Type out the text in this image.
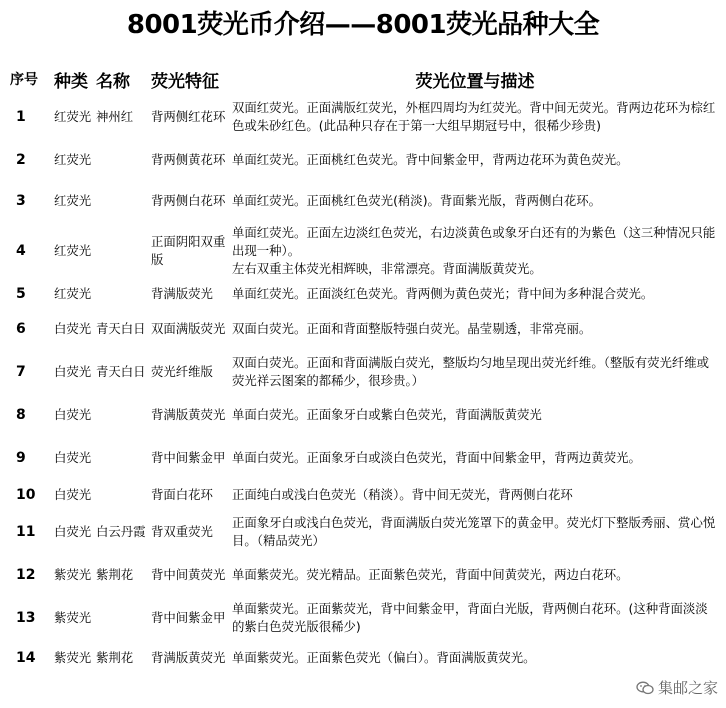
8001荧光币介绍——8001荧光品种大全
序号	种类	名称	荧光特征	荧光位置与描述
1	红荧光	神州红	背两侧红花环	双面红荧光。正面满版红荧光，外框四周均为红荧光。背中间无荧光。背两边花环为棕红色或朱砂红色。(此品种只存在于第一大组早期冠号中，很稀少珍贵)
2	红荧光		背两侧黄花环	单面红荧光。正面桃红色荧光。背中间紫金甲，背两边花环为黄色荧光。
3	红荧光		背两侧白花环	单面红荧光。正面桃红色荧光(稍淡)。背面紫光版，背两侧白花环。
4	红荧光		正面阴阳双重版	单面红荧光。正面左边淡红色荧光，右边淡黄色或象牙白还有的为紫色（这三种情况只能出现一种）。
左右双重主体荧光相辉映，非常漂亮。背面满版黄荧光。

5	红荧光		背满版荧光	单面红荧光。正面淡红色荧光。背两侧为黄色荧光；背中间为多种混合荧光。
6	白荧光	青天白日	双面满版荧光	双面白荧光。正面和背面整版特强白荧光。晶莹剔透，非常亮丽。
7	白荧光	青天白日	荧光纤维版	双面白荧光。正面和背面满版白荧光，整版均匀地呈现出荧光纤维。（整版有荧光纤维或荧光祥云图案的都稀少，很珍贵。）
8	白荧光		背满版黄荧光	单面白荧光。正面象牙白或紫白色荧光，背面满版黄荧光
9	白荧光		背中间紫金甲	单面白荧光。正面象牙白或淡白色荧光，背面中间紫金甲，背两边黄荧光。
10	白荧光		背面白花环	正面纯白或浅白色荧光（稍淡）。背中间无荧光，背两侧白花环
11	白荧光	白云丹霞	背双重荧光	正面象牙白或浅白色荧光，背面满版白荧光笼罩下的黄金甲。荧光灯下整版秀丽、赏心悦目。（精品荧光）
12	紫荧光	紫荆花	背中间黄荧光	单面紫荧光。荧光精品。正面紫色荧光，背面中间黄荧光，两边白花环。
13	紫荧光		背中间紫金甲	单面紫荧光。正面紫荧光，背中间紫金甲，背面白光版，背两侧白花环。(这种背面淡淡的紫白色荧光版很稀少)
14	紫荧光	紫荆花	背满版黄荧光	单面紫荧光。正面紫色荧光（偏白）。背面满版黄荧光。
集邮之家
